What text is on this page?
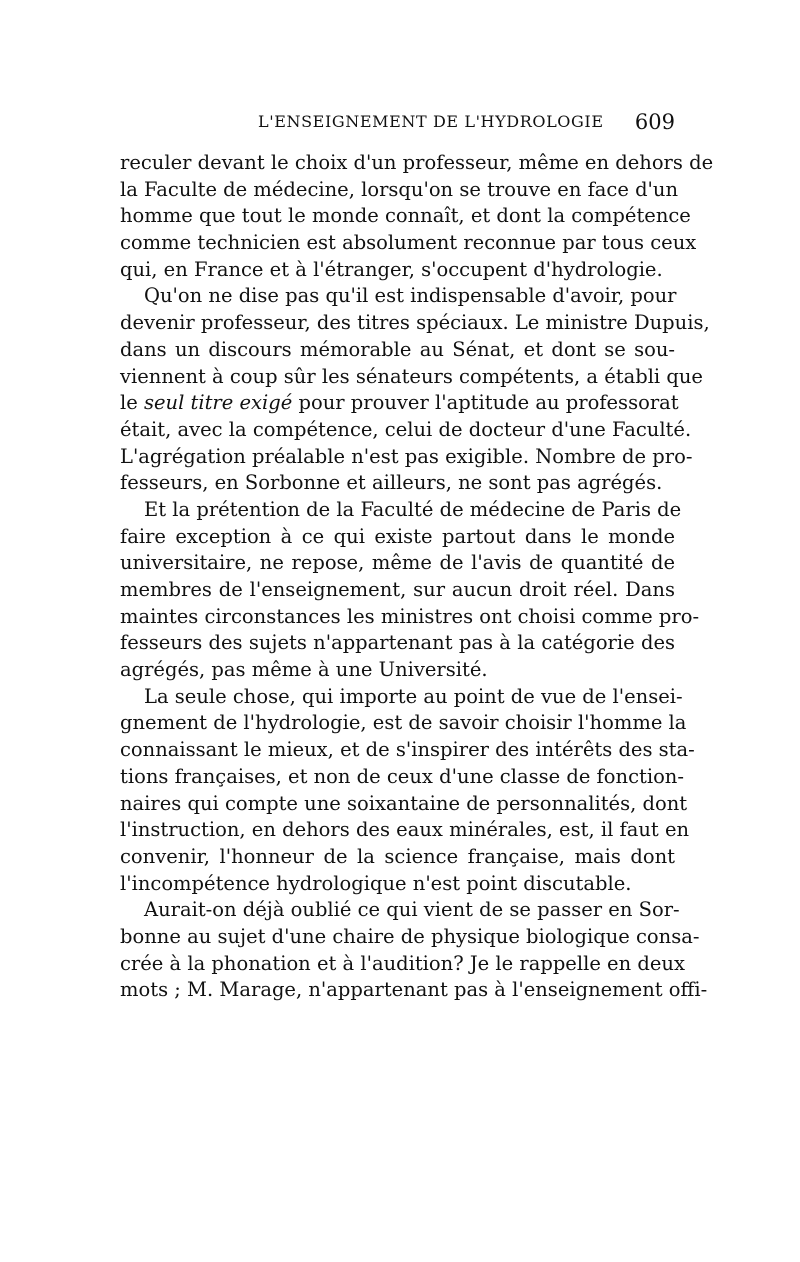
L'ENSEIGNEMENT DE L'HYDROLOGIE 609
reculer devant le choix d'un professeur, même en dehors de
la Faculte de médecine, lorsqu'on se trouve en face d'un
homme que tout le monde connaît, et dont la compétence
comme technicien est absolument reconnue par tous ceux
qui, en France et à l'étranger, s'occupent d'hydrologie.
Qu'on ne dise pas qu'il est indispensable d'avoir, pour
devenir professeur, des titres spéciaux. Le ministre Dupuis,
dans un discours mémorable au Sénat, et dont se sou-
viennent à coup sûr les sénateurs compétents, a établi que
le seul titre exigé pour prouver l'aptitude au professorat
était, avec la compétence, celui de docteur d'une Faculté.
L'agrégation préalable n'est pas exigible. Nombre de pro-
fesseurs, en Sorbonne et ailleurs, ne sont pas agrégés.
Et la prétention de la Faculté de médecine de Paris de
faire exception à ce qui existe partout dans le monde
universitaire, ne repose, même de l'avis de quantité de
membres de l'enseignement, sur aucun droit réel. Dans
maintes circonstances les ministres ont choisi comme pro-
fesseurs des sujets n'appartenant pas à la catégorie des
agrégés, pas même à une Université.
La seule chose, qui importe au point de vue de l'ensei-
gnement de l'hydrologie, est de savoir choisir l'homme la
connaissant le mieux, et de s'inspirer des intérêts des sta-
tions françaises, et non de ceux d'une classe de fonction-
naires qui compte une soixantaine de personnalités, dont
l'instruction, en dehors des eaux minérales, est, il faut en
convenir, l'honneur de la science française, mais dont
l'incompétence hydrologique n'est point discutable.
Aurait-on déjà oublié ce qui vient de se passer en Sor-
bonne au sujet d'une chaire de physique biologique consa-
crée à la phonation et à l'audition? Je le rappelle en deux
mots ; M. Marage, n'appartenant pas à l'enseignement offi-
